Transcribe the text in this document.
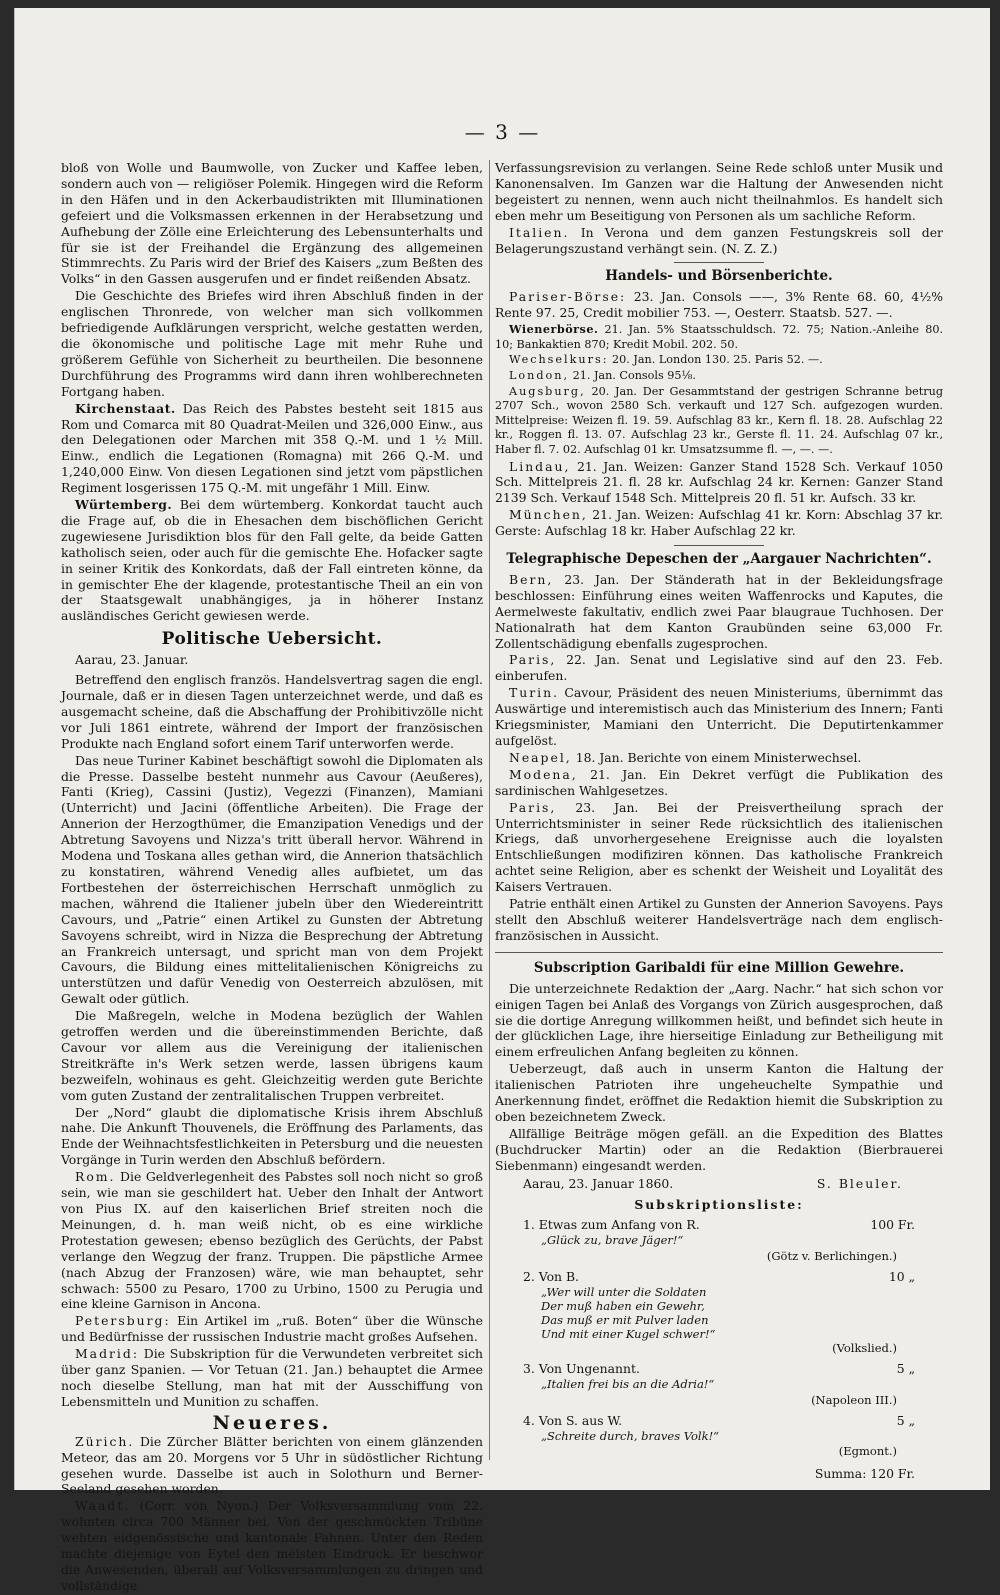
— 3 —

bloß von Wolle und Baumwolle, von Zucker und Kaffee leben, sondern auch von — religiöser Polemik. Hingegen wird die Reform in den Häfen und in den Ackerbaudistrikten mit Illuminationen gefeiert und die Volksmassen erkennen in der Herabsetzung und Aufhebung der Zölle eine Erleichterung des Lebensunterhalts und für sie ist der Freihandel die Ergänzung des allgemeinen Stimmrechts. Zu Paris wird der Brief des Kaisers „zum Beßten des Volks“ in den Gassen ausgerufen und er findet reißenden Absatz.

Die Geschichte des Briefes wird ihren Abschluß finden in der englischen Thronrede, von welcher man sich vollkommen befriedigende Aufklärungen verspricht, welche gestatten werden, die ökonomische und politische Lage mit mehr Ruhe und größerem Gefühle von Sicherheit zu beurtheilen. Die besonnene Durchführung des Programms wird dann ihren wohlberechneten Fortgang haben.

Kirchenstaat. Das Reich des Pabstes besteht seit 1815 aus Rom und Comarca mit 80 Quadrat-Meilen und 326,000 Einw., aus den Delegationen oder Marchen mit 358 Q.-M. und 1 ½ Mill. Einw., endlich die Legationen (Romagna) mit 266 Q.-M. und 1,240,000 Einw. Von diesen Legationen sind jetzt vom päpstlichen Regiment losgerissen 175 Q.-M. mit ungefähr 1 Mill. Einw.

Würtemberg. Bei dem würtemberg. Konkordat taucht auch die Frage auf, ob die in Ehesachen dem bischöflichen Gericht zugewiesene Jurisdiktion blos für den Fall gelte, da beide Gatten katholisch seien, oder auch für die gemischte Ehe. Hofacker sagte in seiner Kritik des Konkordats, daß der Fall eintreten könne, da in gemischter Ehe der klagende, protestantische Theil an ein von der Staatsgewalt unabhängiges, ja in höherer Instanz ausländisches Gericht gewiesen werde.

Politische Uebersicht.
Aarau, 23. Januar.

Betreffend den englisch französ. Handelsvertrag sagen die engl. Journale, daß er in diesen Tagen unterzeichnet werde, und daß es ausgemacht scheine, daß die Abschaffung der Prohibitivzölle nicht vor Juli 1861 eintrete, während der Import der französischen Produkte nach England sofort einem Tarif unterworfen werde.

Das neue Turiner Kabinet beschäftigt sowohl die Diplomaten als die Presse. Dasselbe besteht nunmehr aus Cavour (Aeußeres), Fanti (Krieg), Cassini (Justiz), Vegezzi (Finanzen), Mamiani (Unterricht) und Jacini (öffentliche Arbeiten). Die Frage der Annerion der Herzogthümer, die Emanzipation Venedigs und der Abtretung Savoyens und Nizza's tritt überall hervor. Während in Modena und Toskana alles gethan wird, die Annerion thatsächlich zu konstatiren, während Venedig alles aufbietet, um das Fortbestehen der österreichischen Herrschaft unmöglich zu machen, während die Italiener jubeln über den Wiedereintritt Cavours, und „Patrie“ einen Artikel zu Gunsten der Abtretung Savoyens schreibt, wird in Nizza die Besprechung der Abtretung an Frankreich untersagt, und spricht man von dem Projekt Cavours, die Bildung eines mittelitalienischen Königreichs zu unterstützen und dafür Venedig von Oesterreich abzulösen, mit Gewalt oder gütlich.

Die Maßregeln, welche in Modena bezüglich der Wahlen getroffen werden und die übereinstimmenden Berichte, daß Cavour vor allem aus die Vereinigung der italienischen Streitkräfte in's Werk setzen werde, lassen übrigens kaum bezweifeln, wohinaus es geht. Gleichzeitig werden gute Berichte vom guten Zustand der zentralitalischen Truppen verbreitet.

Der „Nord“ glaubt die diplomatische Krisis ihrem Abschluß nahe. Die Ankunft Thouvenels, die Eröffnung des Parlaments, das Ende der Weihnachtsfestlichkeiten in Petersburg und die neuesten Vorgänge in Turin werden den Abschluß befördern.

Rom. Die Geldverlegenheit des Pabstes soll noch nicht so groß sein, wie man sie geschildert hat. Ueber den Inhalt der Antwort von Pius IX. auf den kaiserlichen Brief streiten noch die Meinungen, d. h. man weiß nicht, ob es eine wirkliche Protestation gewesen; ebenso bezüglich des Gerüchts, der Pabst verlange den Wegzug der franz. Truppen. Die päpstliche Armee (nach Abzug der Franzosen) wäre, wie man behauptet, sehr schwach: 5500 zu Pesaro, 1700 zu Urbino, 1500 zu Perugia und eine kleine Garnison in Ancona.

Petersburg: Ein Artikel im „ruß. Boten“ über die Wünsche und Bedürfnisse der russischen Industrie macht großes Aufsehen.

Madrid: Die Subskription für die Verwundeten verbreitet sich über ganz Spanien. — Vor Tetuan (21. Jan.) behauptet die Armee noch dieselbe Stellung, man hat mit der Ausschiffung von Lebensmitteln und Munition zu schaffen.

Neueres.

Zürich. Die Zürcher Blätter berichten von einem glänzenden Meteor, das am 20. Morgens vor 5 Uhr in südöstlicher Richtung gesehen wurde. Dasselbe ist auch in Solothurn und Berner-Seeland gesehen worden.

Waadt. (Corr. von Nyon.) Der Volksversammlung vom 22. wohnten circa 700 Männer bei. Von der geschmückten Tribüne wehten eidgenössische und kantonale Fahnen. Unter den Reden machte diejenige von Eytel den meisten Eindruck. Er beschwor die Anwesenden, überall auf Volksversammlungen zu dringen und vollständige

Verfassungsrevision zu verlangen. Seine Rede schloß unter Musik und Kanonensalven. Im Ganzen war die Haltung der Anwesenden nicht begeistert zu nennen, wenn auch nicht theilnahmlos. Es handelt sich eben mehr um Beseitigung von Personen als um sachliche Reform.

Italien. In Verona und dem ganzen Festungskreis soll der Belagerungszustand verhängt sein. (N. Z. Z.)

Handels- und Börsenberichte.

Pariser-Börse: 23. Jan. Consols ——, 3% Rente 68. 60, 4½% Rente 97. 25, Credit mobilier 753. —, Oesterr. Staatsb. 527. —.

Wienerbörse. 21. Jan. 5% Staatsschuldsch. 72. 75; Nation.-Anleihe 80. 10; Bankaktien 870; Kredit Mobil. 202. 50.

Wechselkurs: 20. Jan. London 130. 25. Paris 52. —.

London, 21. Jan. Consols 95⅛.

Augsburg, 20. Jan. Der Gesammtstand der gestrigen Schranne betrug 2707 Sch., wovon 2580 Sch. verkauft und 127 Sch. aufgezogen wurden. Mittelpreise: Weizen fl. 19. 59. Aufschlag 83 kr., Kern fl. 18. 28. Aufschlag 22 kr., Roggen fl. 13. 07. Aufschlag 23 kr., Gerste fl. 11. 24. Aufschlag 07 kr., Haber fl. 7. 02. Aufschlag 01 kr. Umsatzsumme fl. —, —. —.

Lindau, 21. Jan. Weizen: Ganzer Stand 1528 Sch. Verkauf 1050 Sch. Mittelpreis 21. fl. 28 kr. Aufschlag 24 kr. Kernen: Ganzer Stand 2139 Sch. Verkauf 1548 Sch. Mittelpreis 20 fl. 51 kr. Aufsch. 33 kr.

München, 21. Jan. Weizen: Aufschlag 41 kr. Korn: Abschlag 37 kr. Gerste: Aufschlag 18 kr. Haber Aufschlag 22 kr.

Telegraphische Depeschen der „Aargauer Nachrichten“.

Bern, 23. Jan. Der Ständerath hat in der Bekleidungsfrage beschlossen: Einführung eines weiten Waffenrocks und Kaputes, die Aermelweste fakultativ, endlich zwei Paar blaugraue Tuchhosen. Der Nationalrath hat dem Kanton Graubünden seine 63,000 Fr. Zollentschädigung ebenfalls zugesprochen.

Paris, 22. Jan. Senat und Legislative sind auf den 23. Feb. einberufen.

Turin. Cavour, Präsident des neuen Ministeriums, übernimmt das Auswärtige und interemistisch auch das Ministerium des Innern; Fanti Kriegsminister, Mamiani den Unterricht. Die Deputirtenkammer aufgelöst.

Neapel, 18. Jan. Berichte von einem Ministerwechsel.

Modena, 21. Jan. Ein Dekret verfügt die Publikation des sardinischen Wahlgesetzes.

Paris, 23. Jan. Bei der Preisvertheilung sprach der Unterrichtsminister in seiner Rede rücksichtlich des italienischen Kriegs, daß unvorhergesehene Ereignisse auch die loyalsten Entschließungen modifiziren können. Das katholische Frankreich achtet seine Religion, aber es schenkt der Weisheit und Loyalität des Kaisers Vertrauen.

Patrie enthält einen Artikel zu Gunsten der Annerion Savoyens. Pays stellt den Abschluß weiterer Handelsverträge nach dem englisch-französischen in Aussicht.

Subscription Garibaldi für eine Million Gewehre.

Die unterzeichnete Redaktion der „Aarg. Nachr.“ hat sich schon vor einigen Tagen bei Anlaß des Vorgangs von Zürich ausgesprochen, daß sie die dortige Anregung willkommen heißt, und befindet sich heute in der glücklichen Lage, ihre hierseitige Einladung zur Betheiligung mit einem erfreulichen Anfang begleiten zu können.

Ueberzeugt, daß auch in unserm Kanton die Haltung der italienischen Patrioten ihre ungeheuchelte Sympathie und Anerkennung findet, eröffnet die Redaktion hiemit die Subskription zu oben bezeichnetem Zweck.

Allfällige Beiträge mögen gefäll. an die Expedition des Blattes (Buchdrucker Martin) oder an die Redaktion (Bierbrauerei Siebenmann) eingesandt werden.

Aarau, 23. Januar 1860.	S. Bleuler.
Subskriptionsliste:
1. Etwas zum Anfang von R.	100 Fr.
„Glück zu, brave Jäger!“
(Götz v. Berlichingen.)
2. Von B.	10 „
„Wer will unter die Soldaten
Der muß haben ein Gewehr,
Das muß er mit Pulver laden
Und mit einer Kugel schwer!“
(Volkslied.)
3. Von Ungenannt.	5 „
„Italien frei bis an die Adria!“
(Napoleon III.)
4. Von S. aus W.	5 „
„Schreite durch, braves Volk!“
(Egmont.)
Summa: 120 Fr.
